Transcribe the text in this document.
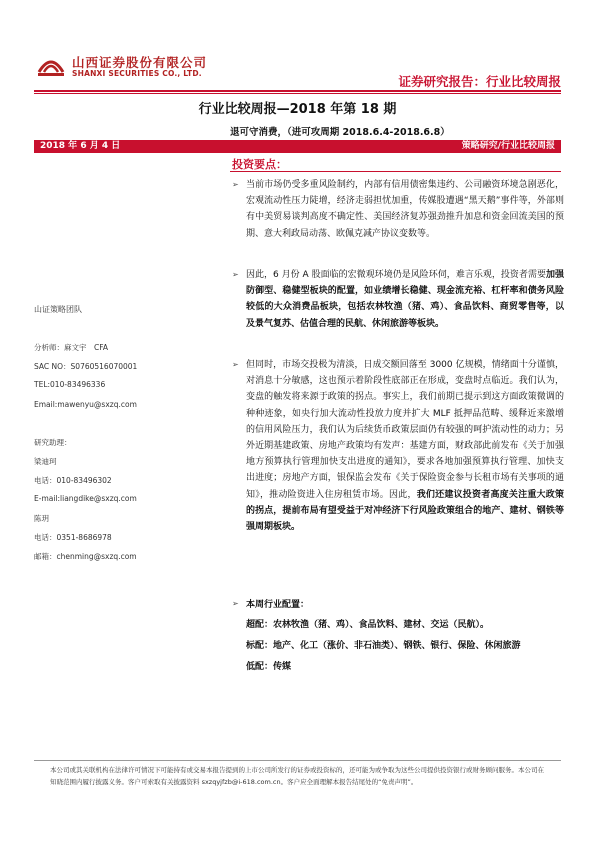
山西证券股份有限公司
SHANXI SECURITIES CO., LTD.
证券研究报告：行业比较周报
行业比较周报—2018 年第 18 期
退可守消费，（进可攻周期 2018.6.4-2018.6.8）
2018 年 6 月 4 日	策略研究/行业比较周报
投资要点：
山证策略团队
分析师：麻文宇　CFA
SAC NO：S0760516070001
TEL:010-83496336
Email:mawenyu@sxzq.com
研究助理：
梁迪珂
电话：010-83496302
E-mail:liangdike@sxzq.com
陈玥
电话：0351-8686978
邮箱：chenming@sxzq.com
➢ 当前市场仍受多重风险制约，内部有信用债密集违约、公司融资环境急剧恶化，宏观流动性压力陡增，经济走弱担忧加重，传媒股遭遇“黑天鹅”事件等，外部则有中美贸易谈判高度不确定性、美国经济复苏强劲推升加息和资金回流美国的预期、意大利政局动荡、欧佩克减产协议变数等。
➢ 因此，6 月份 A 股面临的宏微观环境仍是风险环伺，难言乐观，投资者需要加强防御型、稳健型板块的配置，如业绩增长稳健、现金流充裕、杠杆率和债务风险较低的大众消费品板块，包括农林牧渔（猪、鸡）、食品饮料、商贸零售等，以及景气复苏、估值合理的民航、休闲旅游等板块。
➢ 但同时，市场交投极为清淡，日成交额回落至 3000 亿规模，情绪面十分谨慎，对消息十分敏感，这也预示着阶段性底部正在形成，变盘时点临近。我们认为，变盘的触发将来源于政策的拐点。事实上，我们前期已提示到这方面政策微调的种种迹象，如央行加大流动性投放力度并扩大 MLF 抵押品范畴、缓释近来激增的信用风险压力，我们认为后续货币政策层面仍有较强的呵护流动性的动力；另外近期基建政策、房地产政策均有发声：基建方面，财政部此前发布《关于加强地方预算执行管理加快支出进度的通知》，要求各地加强预算执行管理、加快支出进度；房地产方面，银保监会发布《关于保险资金参与长租市场有关事项的通知》，推动险资进入住房租赁市场。因此，我们还建议投资者高度关注重大政策的拐点，提前布局有望受益于对冲经济下行风险政策组合的地产、建材、钢铁等强周期板块。
➢ 本周行业配置：
超配：农林牧渔（猪、鸡）、食品饮料、建材、交运（民航）。
标配：地产、化工（涨价、非石油类）、钢铁、银行、保险、休闲旅游
低配：传媒
本公司或其关联机构在法律许可情况下可能持有或交易本报告提到的上市公司所发行的证券或投资标的，还可能为或争取为这些公司提供投资银行或财务顾问服务。本公司在知晓范围内履行披露义务。客户可索取有关披露资料 sxzqyjfzb@i-618.com.cn。客户应全面理解本报告结尾处的“免责声明”。
